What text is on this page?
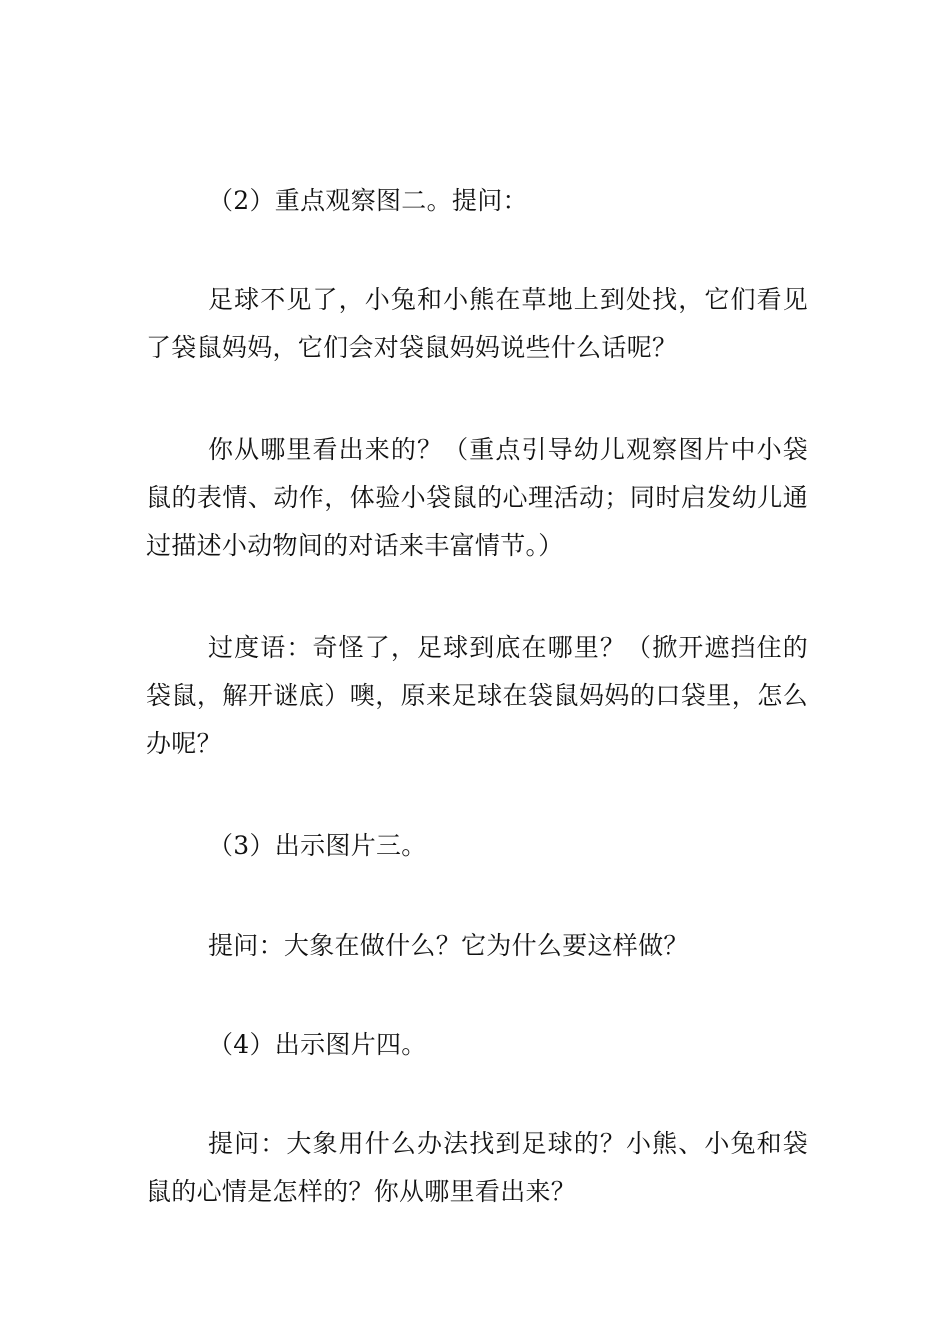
（2）重点观察图二。提问：

足球不见了，小兔和小熊在草地上到处找，它们看见了袋鼠妈妈，它们会对袋鼠妈妈说些什么话呢？

你从哪里看出来的？（重点引导幼儿观察图片中小袋鼠的表情、动作，体验小袋鼠的心理活动；同时启发幼儿通过描述小动物间的对话来丰富情节。）

过度语：奇怪了，足球到底在哪里？（掀开遮挡住的袋鼠，解开谜底）噢，原来足球在袋鼠妈妈的口袋里，怎么办呢？

（3）出示图片三。

提问：大象在做什么？它为什么要这样做？

（4）出示图片四。

提问：大象用什么办法找到足球的？小熊、小兔和袋鼠的心情是怎样的？你从哪里看出来？
